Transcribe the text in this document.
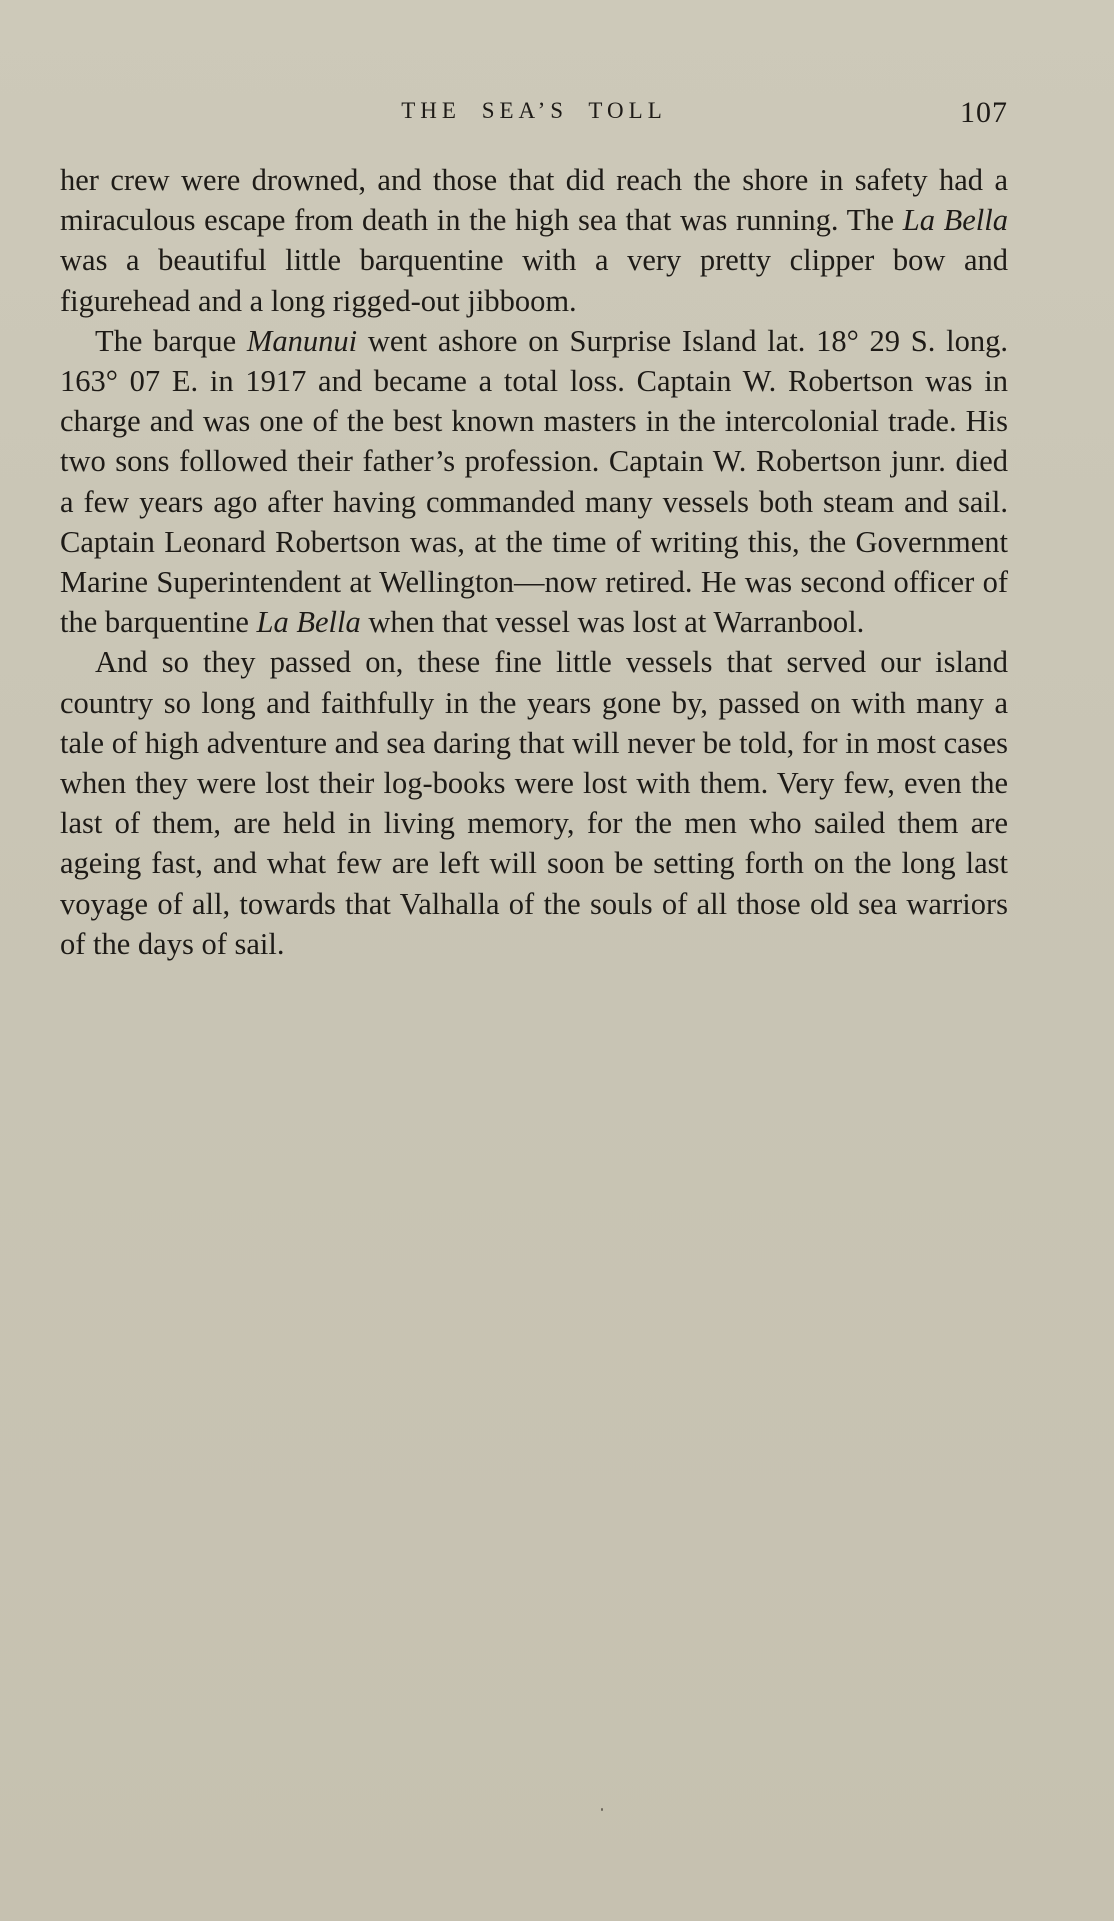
THE SEA’S TOLL	107

her crew were drowned, and those that did reach the shore in safety had a miraculous escape from death in the high sea that was running. The La Bella was a beautiful little barquentine with a very pretty clipper bow and figurehead and a long rigged-out jibboom.

The barque Manunui went ashore on Surprise Island lat. 18° 29 S. long. 163° 07 E. in 1917 and became a total loss. Captain W. Robertson was in charge and was one of the best known masters in the intercolonial trade. His two sons followed their father’s profession. Captain W. Robertson junr. died a few years ago after having commanded many vessels both steam and sail. Captain Leonard Robertson was, at the time of writing this, the Government Marine Superintendent at Wellington—now retired. He was second officer of the barquentine La Bella when that vessel was lost at Warranbool.

And so they passed on, these fine little vessels that served our island country so long and faithfully in the years gone by, passed on with many a tale of high adventure and sea daring that will never be told, for in most cases when they were lost their log-books were lost with them. Very few, even the last of them, are held in living memory, for the men who sailed them are ageing fast, and what few are left will soon be setting forth on the long last voyage of all, towards that Valhalla of the souls of all those old sea warriors of the days of sail.
